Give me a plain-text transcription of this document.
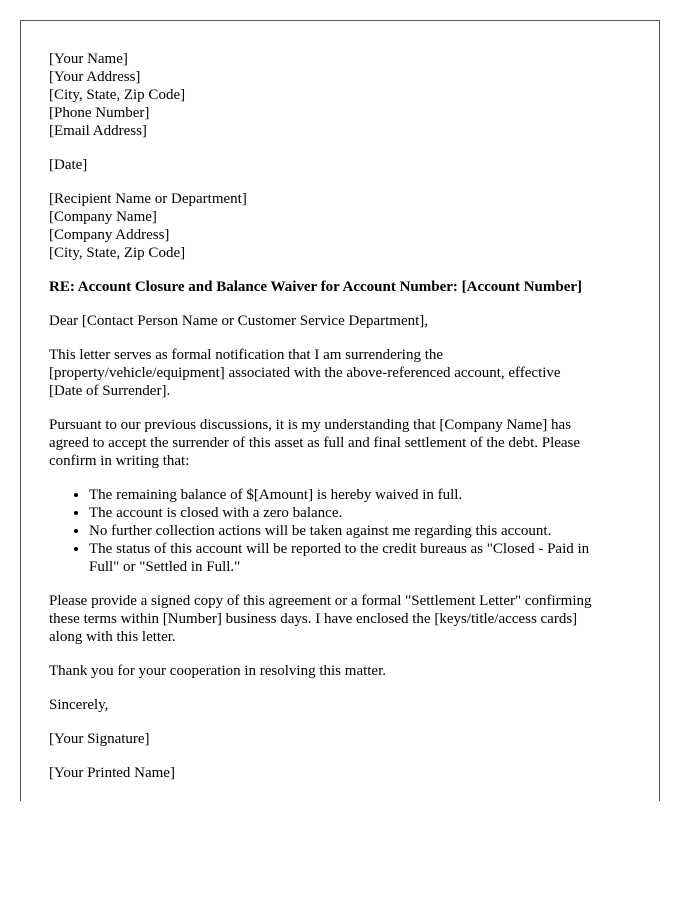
[Your Name]
[Your Address]
[City, State, Zip Code]
[Phone Number]
[Email Address]
[Date]
[Recipient Name or Department]
[Company Name]
[Company Address]
[City, State, Zip Code]
RE: Account Closure and Balance Waiver for Account Number: [Account Number]

Dear [Contact Person Name or Customer Service Department],

This letter serves as formal notification that I am surrendering the
[property/vehicle/equipment] associated with the above-referenced account, effective
[Date of Surrender].

Pursuant to our previous discussions, it is my understanding that [Company Name] has
agreed to accept the surrender of this asset as full and final settlement of the debt. Please
confirm in writing that:

• The remaining balance of $[Amount] is hereby waived in full.
• The account is closed with a zero balance.
• No further collection actions will be taken against me regarding this account.
• The status of this account will be reported to the credit bureaus as "Closed - Paid in
Full" or "Settled in Full."

Please provide a signed copy of this agreement or a formal "Settlement Letter" confirming
these terms within [Number] business days. I have enclosed the [keys/title/access cards]
along with this letter.

Thank you for your cooperation in resolving this matter.

Sincerely,

[Your Signature]

[Your Printed Name]
